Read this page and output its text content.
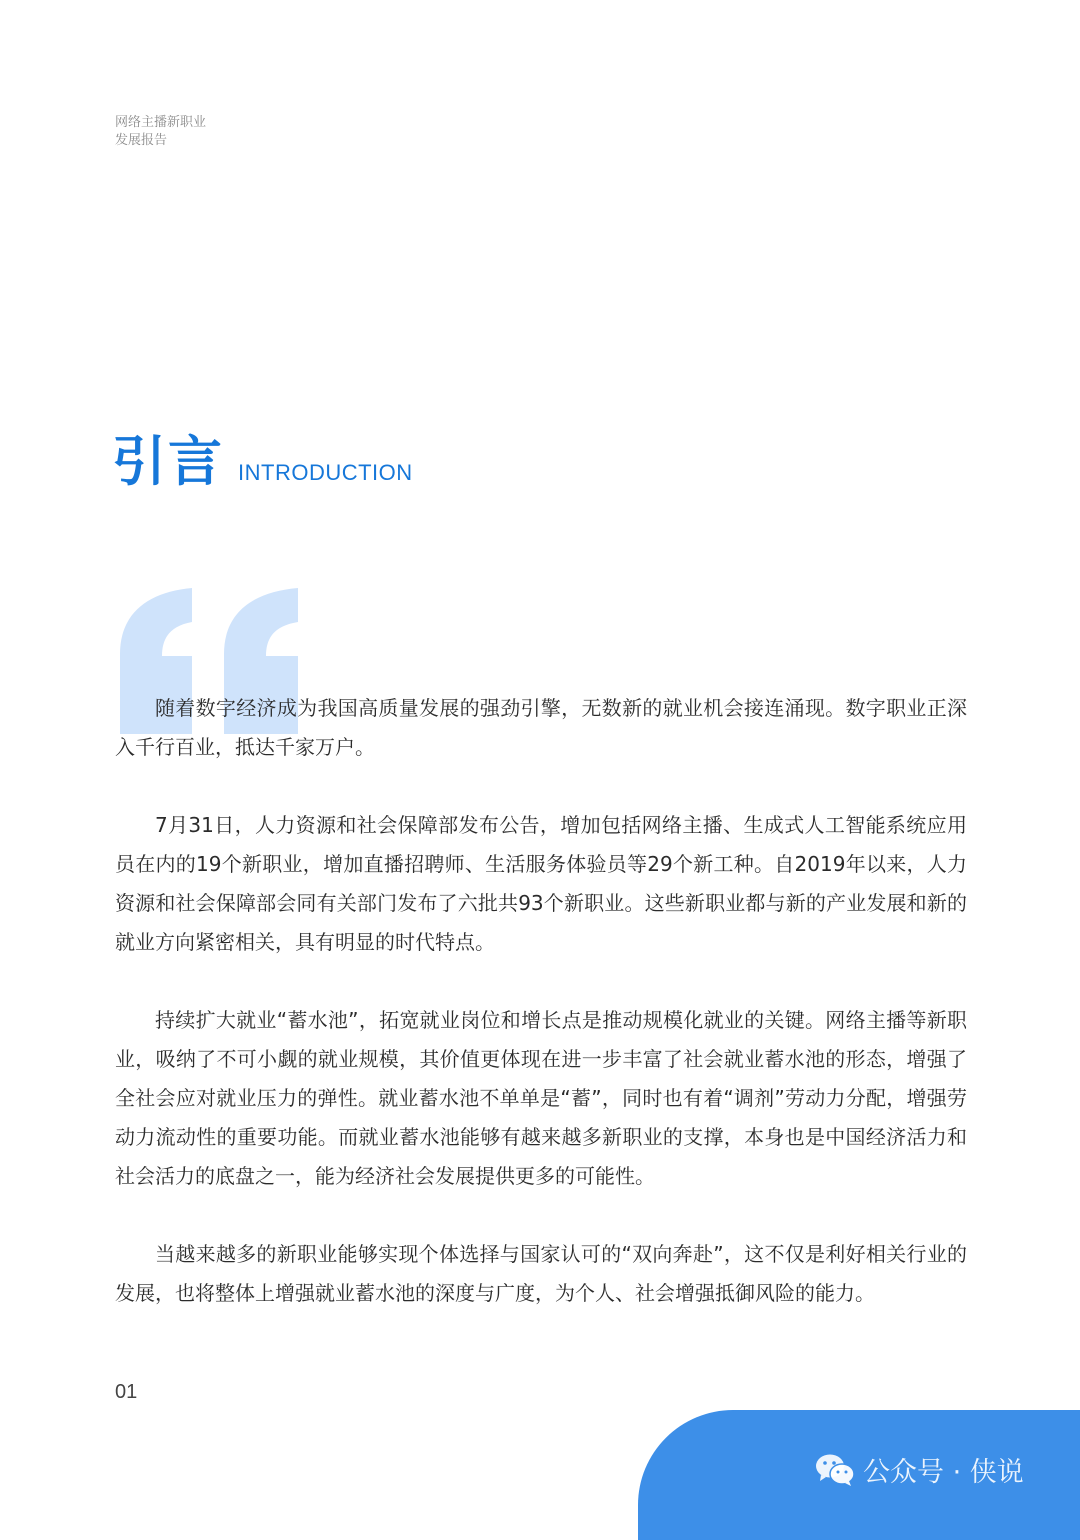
网络主播新职业
发展报告
引言 INTRODUCTION

随着数字经济成为我国高质量发展的强劲引擎，无数新的就业机会接连涌现。数字职业正深入千行百业，抵达千家万户。

7月31日，人力资源和社会保障部发布公告，增加包括网络主播、生成式人工智能系统应用员在内的19个新职业，增加直播招聘师、生活服务体验员等29个新工种。自2019年以来，人力资源和社会保障部会同有关部门发布了六批共93个新职业。这些新职业都与新的产业发展和新的就业方向紧密相关，具有明显的时代特点。

持续扩大就业“蓄水池”，拓宽就业岗位和增长点是推动规模化就业的关键。网络主播等新职业，吸纳了不可小觑的就业规模，其价值更体现在进一步丰富了社会就业蓄水池的形态，增强了全社会应对就业压力的弹性。就业蓄水池不单单是“蓄”，同时也有着“调剂”劳动力分配，增强劳动力流动性的重要功能。而就业蓄水池能够有越来越多新职业的支撑，本身也是中国经济活力和社会活力的底盘之一，能为经济社会发展提供更多的可能性。

当越来越多的新职业能够实现个体选择与国家认可的“双向奔赴”，这不仅是利好相关行业的发展，也将整体上增强就业蓄水池的深度与广度，为个人、社会增强抵御风险的能力。

01
公众号 · 侠说
